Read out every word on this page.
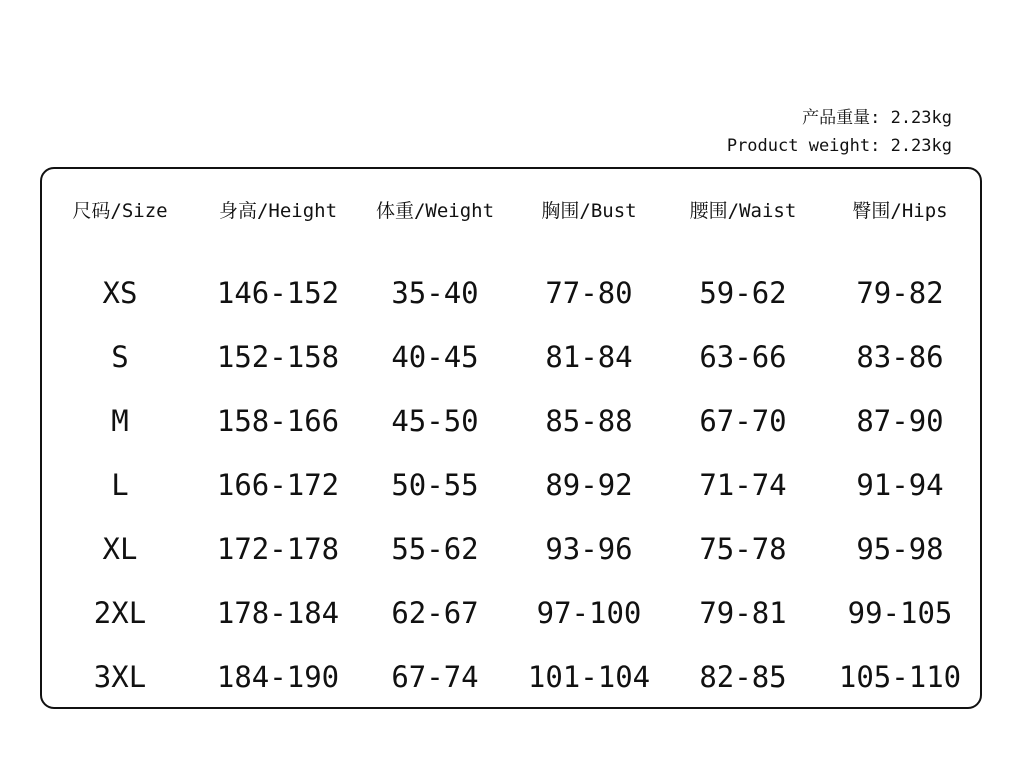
产品重量: 2.23kg
Product weight: 2.23kg
尺码/Size	身高/Height	体重/Weight	胸围/Bust	腰围/Waist	臀围/Hips

XS	146-152	35-40	77-80	59-62	79-82
S	152-158	40-45	81-84	63-66	83-86
M	158-166	45-50	85-88	67-70	87-90
L	166-172	50-55	89-92	71-74	91-94
XL	172-178	55-62	93-96	75-78	95-98
2XL	178-184	62-67	97-100	79-81	99-105
3XL	184-190	67-74	101-104	82-85	105-110
